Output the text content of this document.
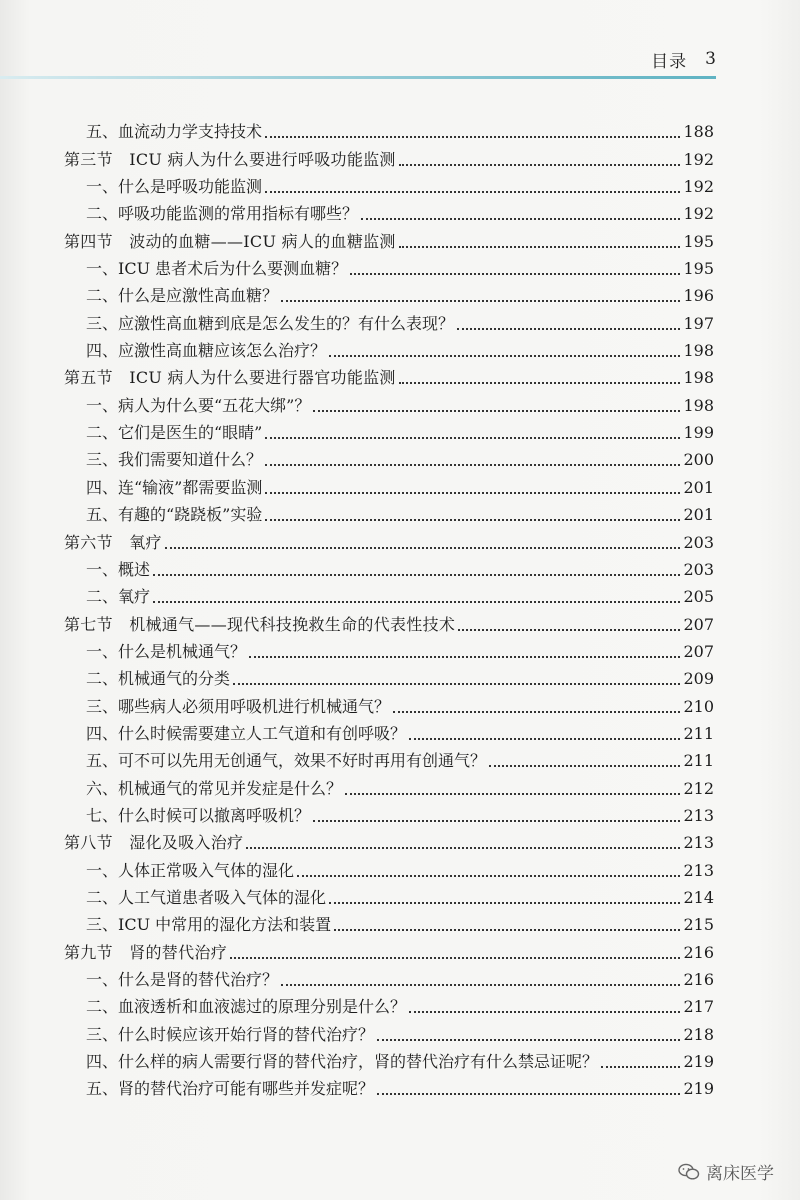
目录 3
五、血流动力学支持技术	188
第三节　ICU 病人为什么要进行呼吸功能监测	192
一、什么是呼吸功能监测	192
二、呼吸功能监测的常用指标有哪些？	192
第四节　波动的血糖——ICU 病人的血糖监测	195
一、ICU 患者术后为什么要测血糖？	195
二、什么是应激性高血糖？	196
三、应激性高血糖到底是怎么发生的？有什么表现？	197
四、应激性高血糖应该怎么治疗？	198
第五节　ICU 病人为什么要进行器官功能监测	198
一、病人为什么要“五花大绑”？	198
二、它们是医生的“眼睛”	199
三、我们需要知道什么？	200
四、连“输液”都需要监测	201
五、有趣的“跷跷板”实验	201
第六节　氧疗	203
一、概述	203
二、氧疗	205
第七节　机械通气——现代科技挽救生命的代表性技术	207
一、什么是机械通气？	207
二、机械通气的分类	209
三、哪些病人必须用呼吸机进行机械通气？	210
四、什么时候需要建立人工气道和有创呼吸？	211
五、可不可以先用无创通气，效果不好时再用有创通气？	211
六、机械通气的常见并发症是什么？	212
七、什么时候可以撤离呼吸机？	213
第八节　湿化及吸入治疗	213
一、人体正常吸入气体的湿化	213
二、人工气道患者吸入气体的湿化	214
三、ICU 中常用的湿化方法和装置	215
第九节　肾的替代治疗	216
一、什么是肾的替代治疗？	216
二、血液透析和血液滤过的原理分别是什么？	217
三、什么时候应该开始行肾的替代治疗？	218
四、什么样的病人需要行肾的替代治疗，肾的替代治疗有什么禁忌证呢？	219
五、肾的替代治疗可能有哪些并发症呢？	219
离床医学
